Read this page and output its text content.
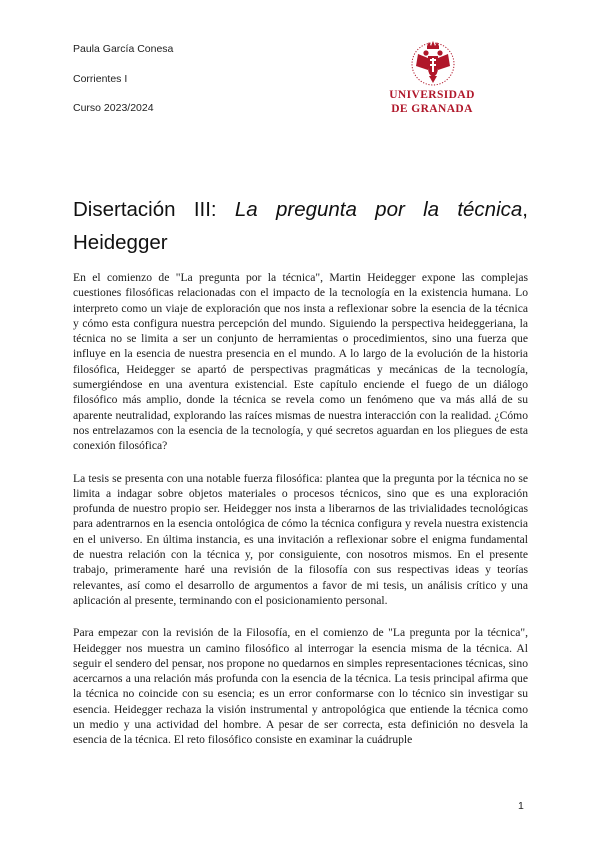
Paula García Conesa
Corrientes I
Curso 2023/2024
UNIVERSIDAD
DE GRANADA
Disertación III: La pregunta por la técnica, Heidegger

En el comienzo de "La pregunta por la técnica", Martin Heidegger expone las complejas cuestiones filosóficas relacionadas con el impacto de la tecnología en la existencia humana. Lo interpreto como un viaje de exploración que nos insta a reflexionar sobre la esencia de la técnica y cómo esta configura nuestra percepción del mundo. Siguiendo la perspectiva heideggeriana, la técnica no se limita a ser un conjunto de herramientas o procedimientos, sino una fuerza que influye en la esencia de nuestra presencia en el mundo. A lo largo de la evolución de la historia filosófica, Heidegger se apartó de perspectivas pragmáticas y mecánicas de la tecnología, sumergiéndose en una aventura existencial. Este capítulo enciende el fuego de un diálogo filosófico más amplio, donde la técnica se revela como un fenómeno que va más allá de su aparente neutralidad, explorando las raíces mismas de nuestra interacción con la realidad. ¿Cómo nos entrelazamos con la esencia de la tecnología, y qué secretos aguardan en los pliegues de esta conexión filosófica?

La tesis se presenta con una notable fuerza filosófica: plantea que la pregunta por la técnica no se limita a indagar sobre objetos materiales o procesos técnicos, sino que es una exploración profunda de nuestro propio ser. Heidegger nos insta a liberarnos de las trivialidades tecnológicas para adentrarnos en la esencia ontológica de cómo la técnica configura y revela nuestra existencia en el universo. En última instancia, es una invitación a reflexionar sobre el enigma fundamental de nuestra relación con la técnica y, por consiguiente, con nosotros mismos. En el presente trabajo, primeramente haré una revisión de la filosofía con sus respectivas ideas y teorías relevantes, así como el desarrollo de argumentos a favor de mi tesis, un análisis crítico y una aplicación al presente, terminando con el posicionamiento personal.

Para empezar con la revisión de la Filosofía, en el comienzo de "La pregunta por la técnica", Heidegger nos muestra un camino filosófico al interrogar la esencia misma de la técnica. Al seguir el sendero del pensar, nos propone no quedarnos en simples representaciones técnicas, sino acercarnos a una relación más profunda con la esencia de la técnica. La tesis principal afirma que la técnica no coincide con su esencia; es un error conformarse con lo técnico sin investigar su esencia. Heidegger rechaza la visión instrumental y antropológica que entiende la técnica como un medio y una actividad del hombre. A pesar de ser correcta, esta definición no desvela la esencia de la técnica. El reto filosófico consiste en examinar la cuádruple

1
